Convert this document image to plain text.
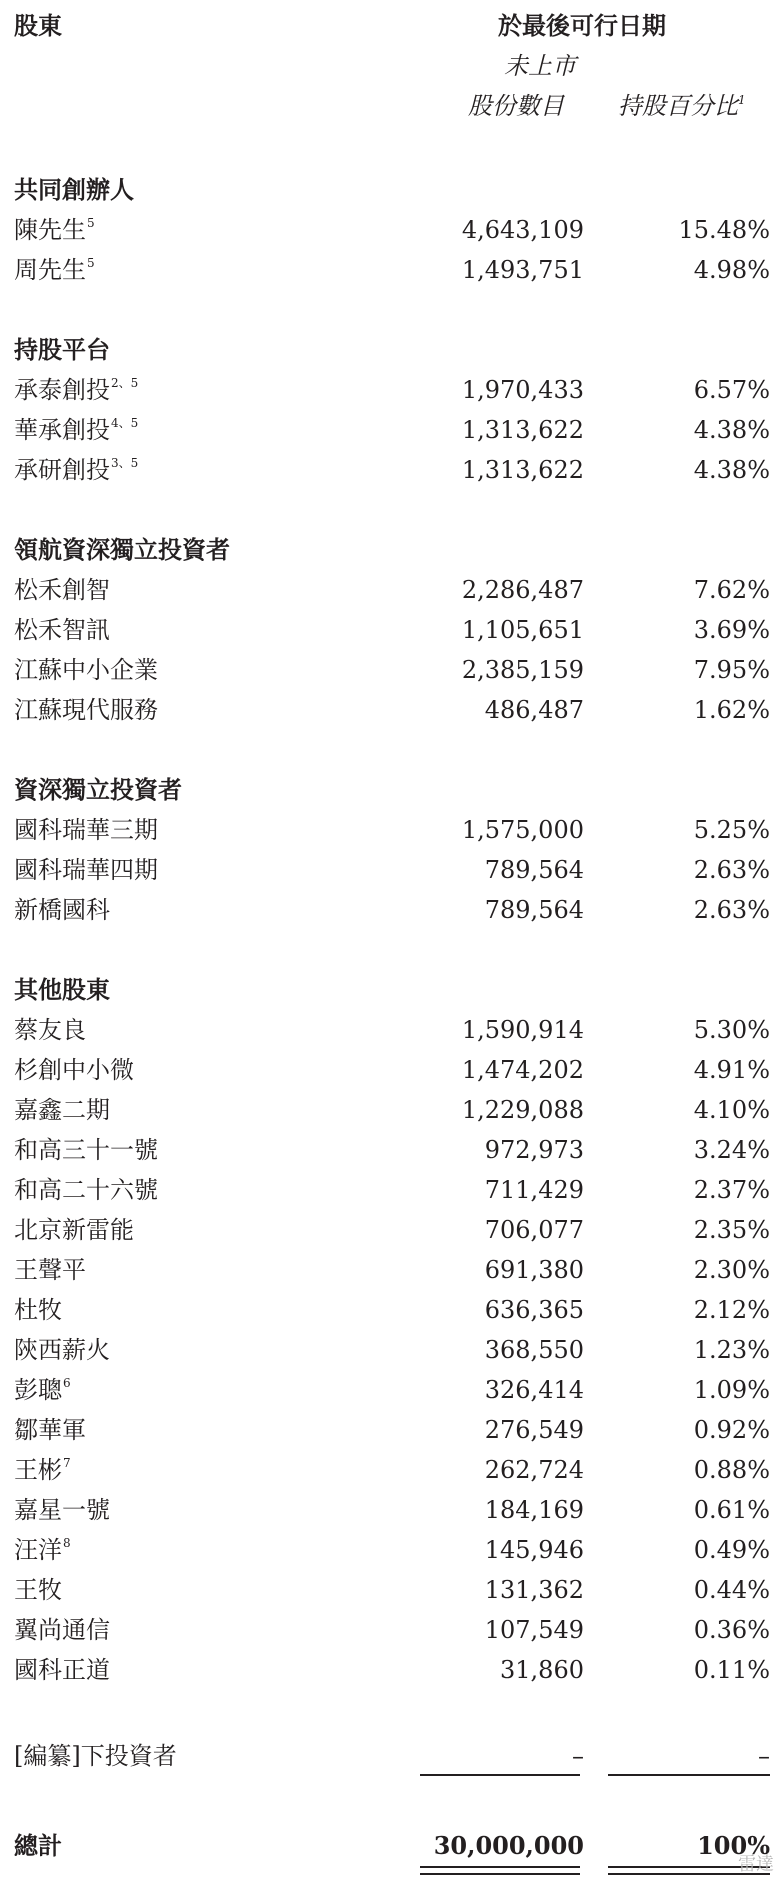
股東	於最後可行日期
未上市
股份數目 持股百分比$^1$
共同創辦人
陳先生$^5$	4,643,109	15.48%
周先生$^5$	1,493,751	4.98%
持股平台
承泰創投$^{2、5}$	1,970,433	6.57%
華承創投$^{4、5}$	1,313,622	4.38%
承研創投$^{3、5}$	1,313,622	4.38%
領航資深獨立投資者
松禾創智	2,286,487	7.62%
松禾智訊	1,105,651	3.69%
江蘇中小企業	2,385,159	7.95%
江蘇現代服務	486,487	1.62%
資深獨立投資者
國科瑞華三期	1,575,000	5.25%
國科瑞華四期	789,564	2.63%
新橋國科	789,564	2.63%
其他股東
蔡友良	1,590,914	5.30%
杉創中小微	1,474,202	4.91%
嘉鑫二期	1,229,088	4.10%
和高三十一號	972,973	3.24%
和高二十六號	711,429	2.37%
北京新雷能	706,077	2.35%
王聲平	691,380	2.30%
杜牧	636,365	2.12%
陝西薪火	368,550	1.23%
彭聰$^6$	326,414	1.09%
鄒華軍	276,549	0.92%
王彬$^7$	262,724	0.88%
嘉星一號	184,169	0.61%
汪洋$^8$	145,946	0.49%
王牧	131,362	0.44%
翼尚通信	107,549	0.36%
國科正道	31,860	0.11%
[編纂]下投資者	–	–
總計	30,000,000	100%
雷達
